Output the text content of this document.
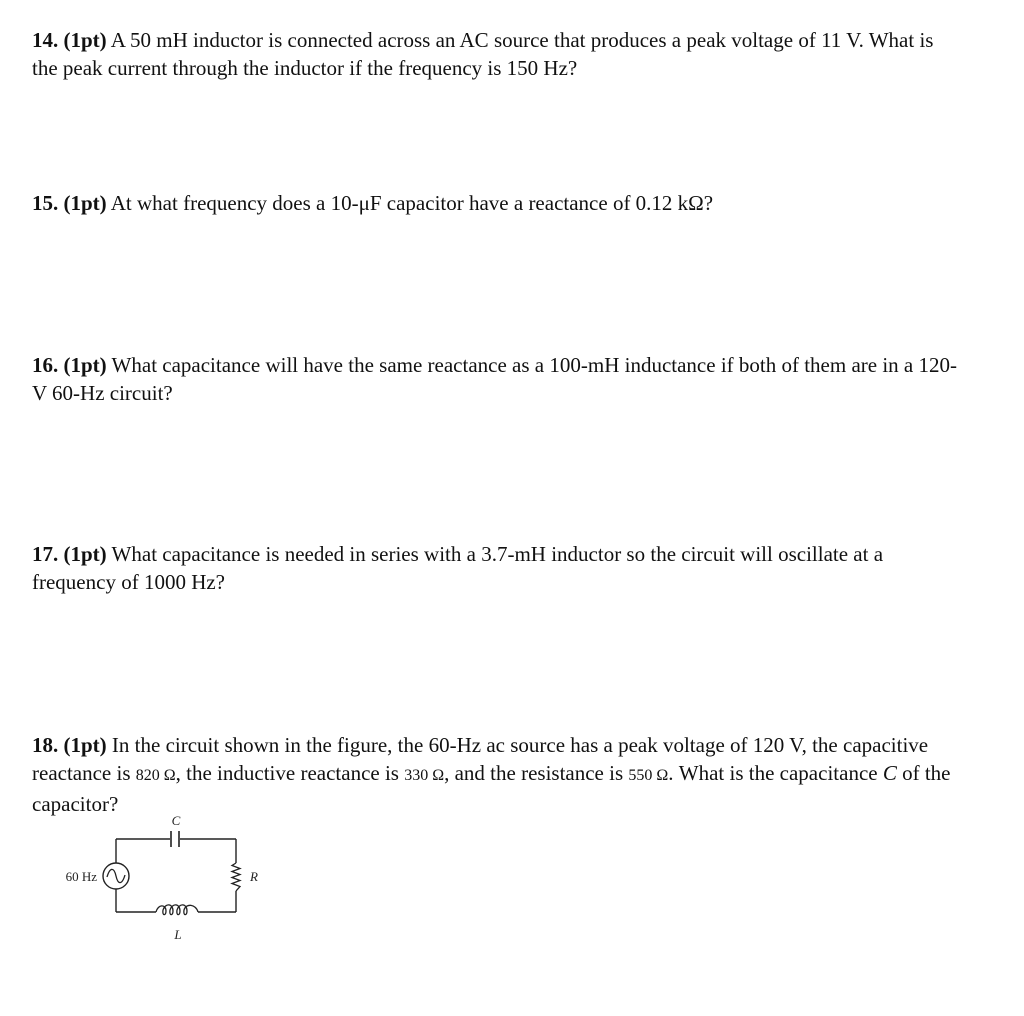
14. (1pt) A 50 mH inductor is connected across an AC source that produces a peak voltage of 11 V. What is the peak current through the inductor if the frequency is 150 Hz?
15. (1pt) At what frequency does a 10-μF capacitor have a reactance of 0.12 kΩ?
16. (1pt) What capacitance will have the same reactance as a 100-mH inductance if both of them are in a 120-V 60-Hz circuit?
17. (1pt) What capacitance is needed in series with a 3.7-mH inductor so the circuit will oscillate at a frequency of 1000 Hz?
18. (1pt) In the circuit shown in the figure, the 60-Hz ac source has a peak voltage of 120 V, the capacitive reactance is 820 Ω, the inductive reactance is 330 Ω, and the resistance is 550 Ω. What is the capacitance C of the capacitor?
C
60 Hz	R
L
